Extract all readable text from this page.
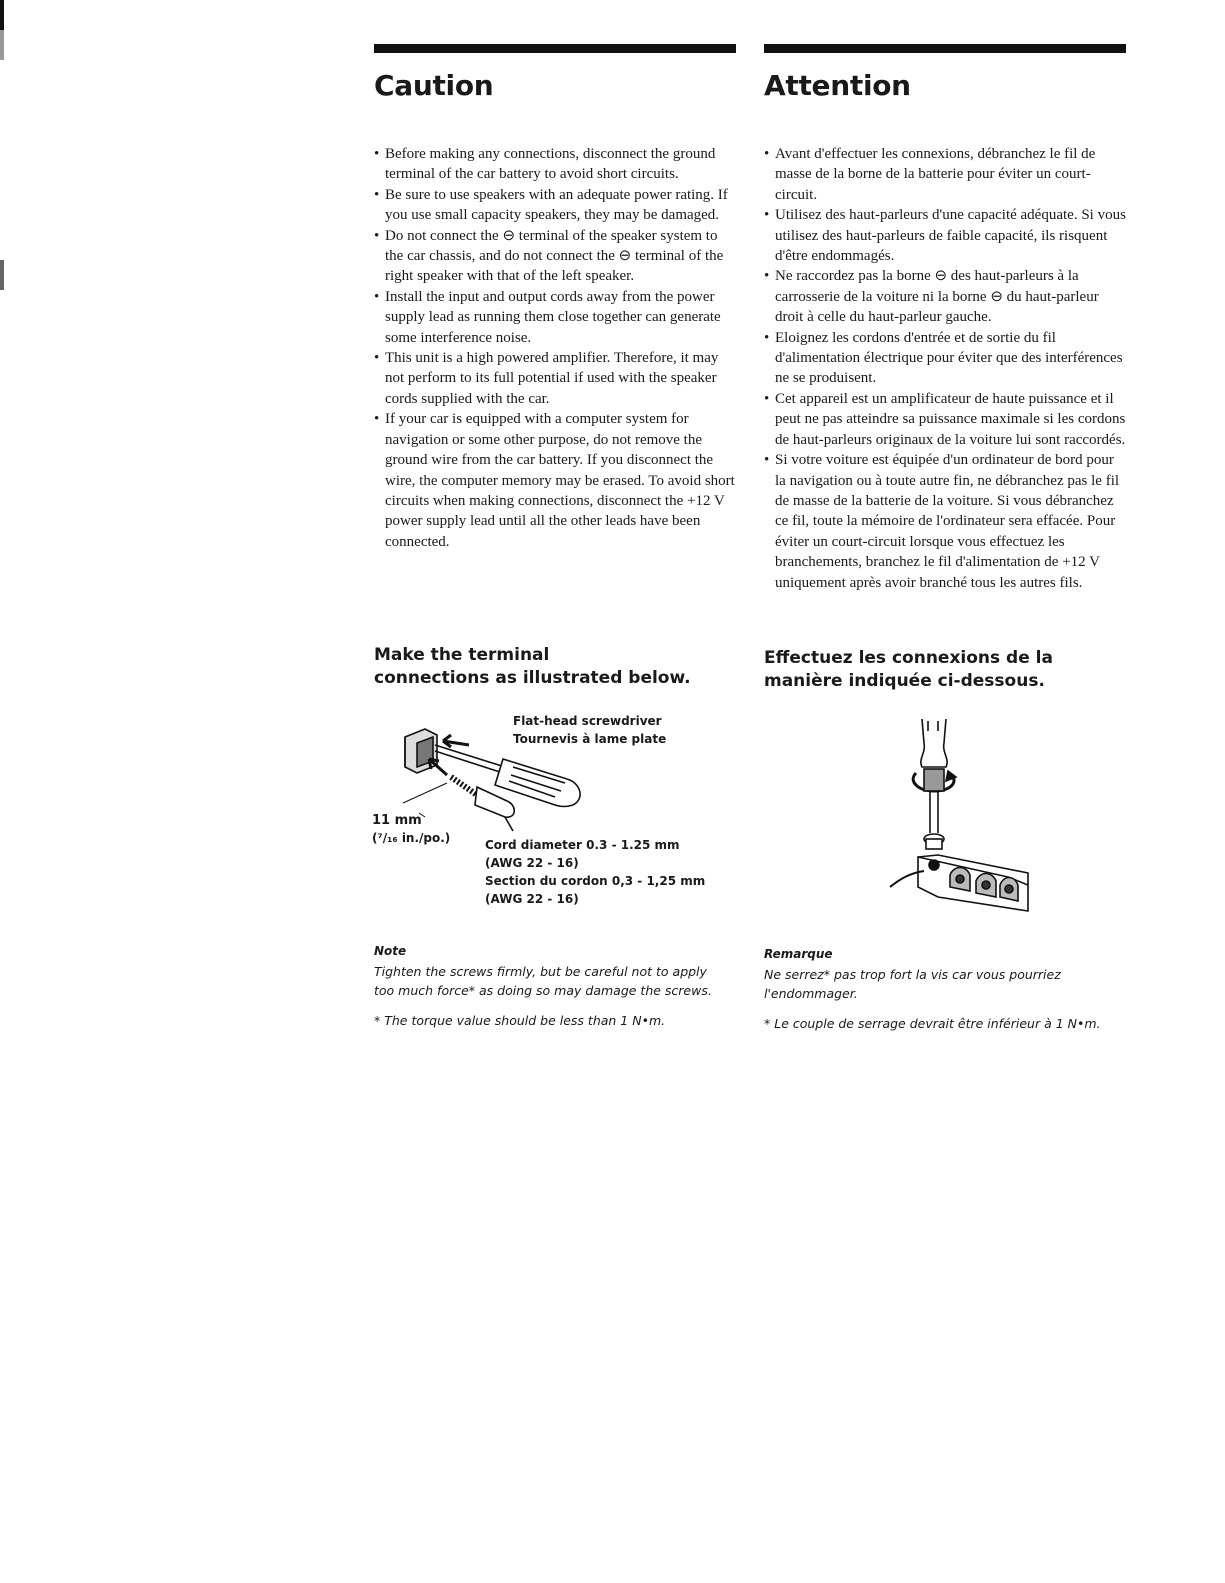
Caution
• Before making any connections, disconnect the ground terminal of the car battery to avoid short circuits.
• Be sure to use speakers with an adequate power rating. If you use small capacity speakers, they may be damaged.
• Do not connect the ⊖ terminal of the speaker system to the car chassis, and do not connect the ⊖ terminal of the right speaker with that of the left speaker.
• Install the input and output cords away from the power supply lead as running them close together can generate some interference noise.
• This unit is a high powered amplifier. Therefore, it may not perform to its full potential if used with the speaker cords supplied with the car.
• If your car is equipped with a computer system for navigation or some other purpose, do not remove the ground wire from the car battery. If you disconnect the wire, the computer memory may be erased. To avoid short circuits when making connections, disconnect the +12 V power supply lead until all the other leads have been connected.
Make the terminal
connections as illustrated below.
Note
Tighten the screws firmly, but be careful not to apply
too much force* as doing so may damage the screws.
* The torque value should be less than 1 N•m.
Flat-head screwdriver
Tournevis à lame plate
11 mm
(⁷/₁₆ in./po.)	Cord diameter 0.3 - 1.25 mm
(AWG 22 - 16)
Section du cordon 0,3 - 1,25 mm
(AWG 22 - 16)
Attention
• Avant d'effectuer les connexions, débranchez le fil de masse de la borne de la batterie pour éviter un court-circuit.
• Utilisez des haut-parleurs d'une capacité adéquate. Si vous utilisez des haut-parleurs de faible capacité, ils risquent d'être endommagés.
• Ne raccordez pas la borne ⊖ des haut-parleurs à la carrosserie de la voiture ni la borne ⊖ du haut-parleur droit à celle du haut-parleur gauche.
• Eloignez les cordons d'entrée et de sortie du fil d'alimentation électrique pour éviter que des interférences ne se produisent.
• Cet appareil est un amplificateur de haute puissance et il peut ne pas atteindre sa puissance maximale si les cordons de haut-parleurs originaux de la voiture lui sont raccordés.
• Si votre voiture est équipée d'un ordinateur de bord pour la navigation ou à toute autre fin, ne débranchez pas le fil de masse de la batterie de la voiture. Si vous débranchez ce fil, toute la mémoire de l'ordinateur sera effacée. Pour éviter un court-circuit lorsque vous effectuez les branchements, branchez le fil d'alimentation de +12 V uniquement après avoir branché tous les autres fils.
Effectuez les connexions de la
manière indiquée ci-dessous.
Remarque
Ne serrez* pas trop fort la vis car vous pourriez
l'endommager.
* Le couple de serrage devrait être inférieur à 1 N•m.
